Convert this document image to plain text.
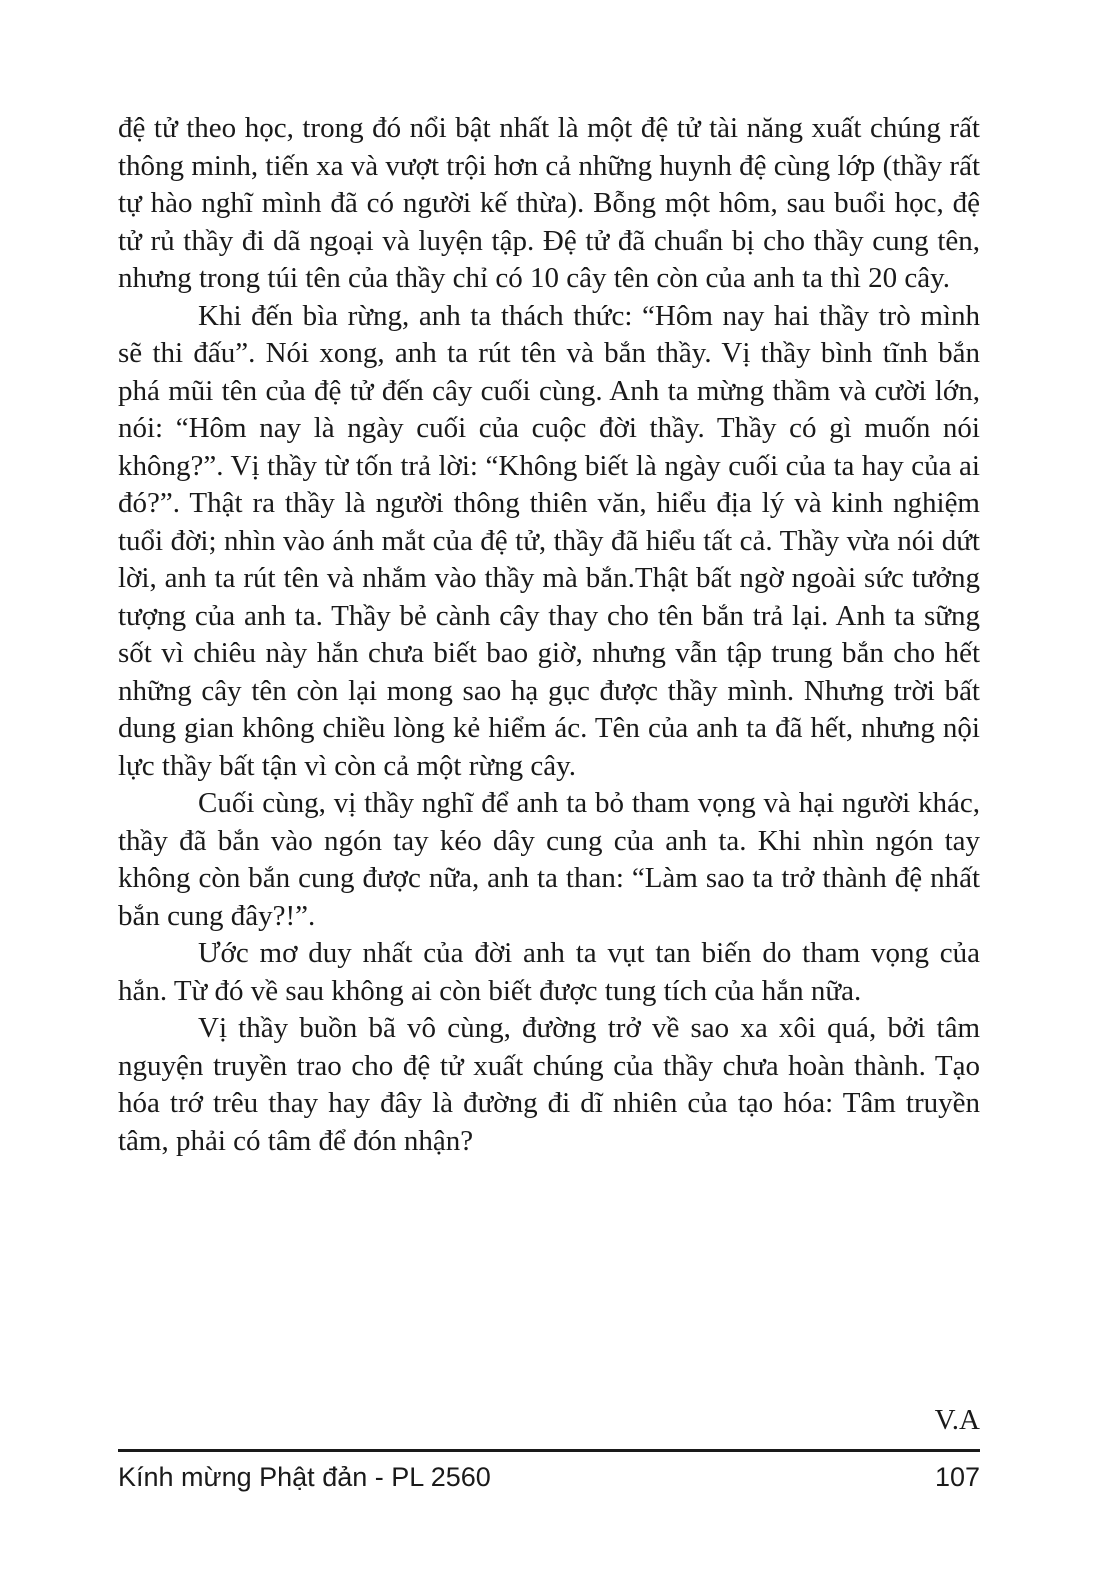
đệ tử theo học, trong đó nổi bật nhất là một đệ tử tài năng xuất chúng rất thông minh, tiến xa và vượt trội hơn cả những huynh đệ cùng lớp (thầy rất tự hào nghĩ mình đã có người kế thừa). Bỗng một hôm, sau buổi học, đệ tử rủ thầy đi dã ngoại và luyện tập. Đệ tử đã chuẩn bị cho thầy cung tên, nhưng trong túi tên của thầy chỉ có 10 cây tên còn của anh ta thì 20 cây.

Khi đến bìa rừng, anh ta thách thức: “Hôm nay hai thầy trò mình sẽ thi đấu”. Nói xong, anh ta rút tên và bắn thầy. Vị thầy bình tĩnh bắn phá mũi tên của đệ tử đến cây cuối cùng. Anh ta mừng thầm và cười lớn, nói: “Hôm nay là ngày cuối của cuộc đời thầy. Thầy có gì muốn nói không?”. Vị thầy từ tốn trả lời: “Không biết là ngày cuối của ta hay của ai đó?”. Thật ra thầy là người thông thiên văn, hiểu địa lý và kinh nghiệm tuổi đời; nhìn vào ánh mắt của đệ tử, thầy đã hiểu tất cả. Thầy vừa nói dứt lời, anh ta rút tên và nhắm vào thầy mà bắn.Thật bất ngờ ngoài sức tưởng tượng của anh ta. Thầy bẻ cành cây thay cho tên bắn trả lại. Anh ta sững sốt vì chiêu này hắn chưa biết bao giờ, nhưng vẫn tập trung bắn cho hết những cây tên còn lại mong sao hạ gục được thầy mình. Nhưng trời bất dung gian không chiều lòng kẻ hiểm ác. Tên của anh ta đã hết, nhưng nội lực thầy bất tận vì còn cả một rừng cây.

Cuối cùng, vị thầy nghĩ để anh ta bỏ tham vọng và hại người khác, thầy đã bắn vào ngón tay kéo dây cung của anh ta. Khi nhìn ngón tay không còn bắn cung được nữa, anh ta than: “Làm sao ta trở thành đệ nhất bắn cung đây?!”.

Ước mơ duy nhất của đời anh ta vụt tan biến do tham vọng của hắn. Từ đó về sau không ai còn biết được tung tích của hắn nữa.

Vị thầy buồn bã vô cùng, đường trở về sao xa xôi quá, bởi tâm nguyện truyền trao cho đệ tử xuất chúng của thầy chưa hoàn thành. Tạo hóa trớ trêu thay hay đây là đường đi dĩ nhiên của tạo hóa: Tâm truyền tâm, phải có tâm để đón nhận?

V.A
Kính mừng Phật đản - PL 2560	107
